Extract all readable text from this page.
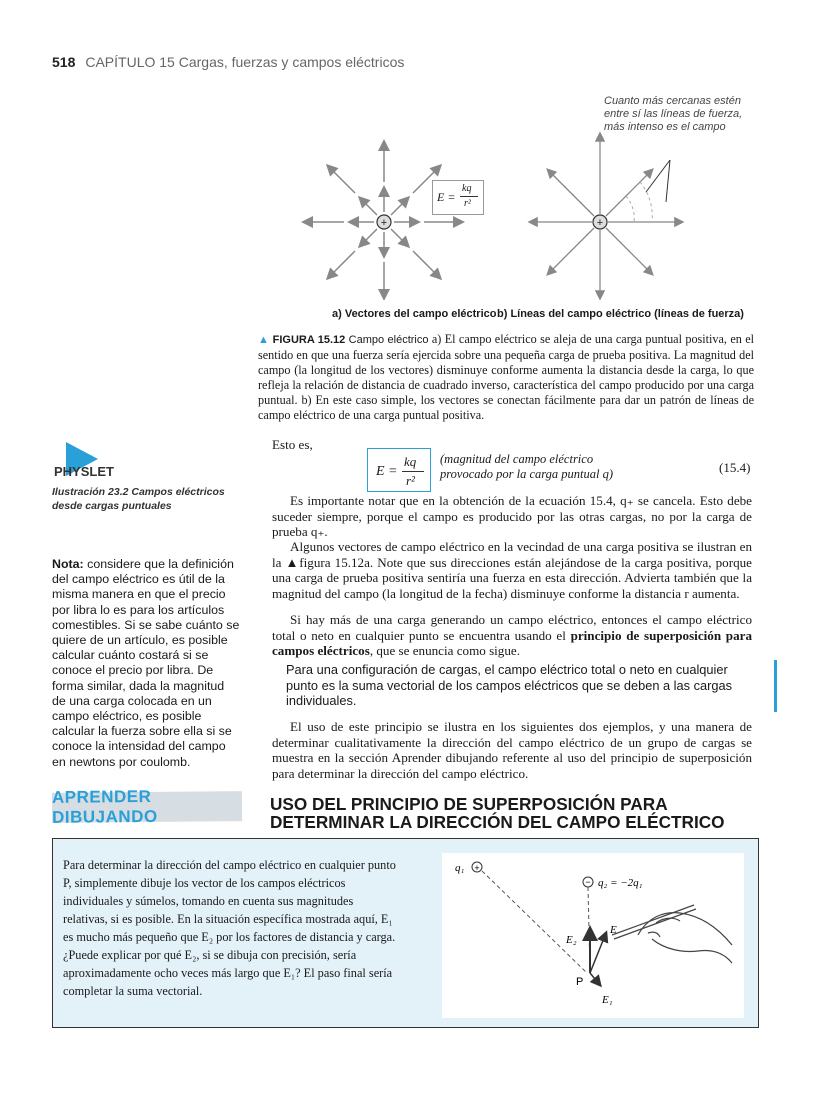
518 CAPÍTULO 15 Cargas, fuerzas y campos eléctricos
+	+
E =
kq
r²
Cuanto más cercanas estén entre sí las líneas de fuerza, más intenso es el campo
a) Vectores del campo eléctrico b) Líneas del campo eléctrico (líneas de fuerza)
▲ FIGURA 15.12 Campo eléctrico a) El campo eléctrico se aleja de una carga puntual positiva, en el sentido en que una fuerza sería ejercida sobre una pequeña carga de prueba positiva. La magnitud del campo (la longitud de los vectores) disminuye conforme aumenta la distancia desde la carga, lo que refleja la relación de distancia de cuadrado inverso, característica del campo producido por una carga puntual. b) En este caso simple, los vectores se conectan fácilmente para dar un patrón de líneas de campo eléctrico de una carga puntual positiva.
PHYSLET
Ilustración 23.2 Campos eléctricos desde cargas puntuales
Nota: considere que la definición del campo eléctrico es útil de la misma manera en que el precio por libra lo es para los artículos comestibles. Si se sabe cuánto se quiere de un artículo, es posible calcular cuánto costará si se conoce el precio por libra. De forma similar, dada la magnitud de una carga colocada en un campo eléctrico, es posible calcular la fuerza sobre ella si se conoce la intensidad del campo en newtons por coulomb.
Esto es,
E =
kq
r²
(magnitud del campo eléctrico
provocado por la carga puntual q)	(15.4)
Es importante notar que en la obtención de la ecuación 15.4, q₊ se cancela. Esto debe suceder siempre, porque el campo es producido por las otras cargas, no por la carga de prueba q₊.
Algunos vectores de campo eléctrico en la vecindad de una carga positiva se ilustran en la ▲figura 15.12a. Note que sus direcciones están alejándose de la carga positiva, porque una carga de prueba positiva sentiría una fuerza en esta dirección. Advierta también que la magnitud del campo (la longitud de la fecha) disminuye conforme la distancia r aumenta.
Si hay más de una carga generando un campo eléctrico, entonces el campo eléctrico total o neto en cualquier punto se encuentra usando el principio de superposición para campos eléctricos, que se enuncia como sigue.
Para una configuración de cargas, el campo eléctrico total o neto en cualquier punto es la suma vectorial de los campos eléctricos que se deben a las cargas individuales.
El uso de este principio se ilustra en los siguientes dos ejemplos, y una manera de determinar cualitativamente la dirección del campo eléctrico de un grupo de cargas se muestra en la sección Aprender dibujando referente al uso del principio de superposición para determinar la dirección del campo eléctrico.
APRENDER DIBUJANDO
USO DEL PRINCIPIO DE SUPERPOSICIÓN PARA DETERMINAR LA DIRECCIÓN DEL CAMPO ELÉCTRICO
Para determinar la dirección del campo eléctrico en cualquier punto P, simplemente dibuje los vector de los campos eléctricos individuales y súmelos, tomando en cuenta sus magnitudes relativas, si es posible. En la situación específica mostrada aquí, E₁ es mucho más pequeño que E₂ por los factores de distancia y carga. ¿Puede explicar por qué E₂, si se dibuja con precisión, sería aproximadamente ocho veces más largo que E₁? El paso final sería completar la suma vectorial.
+
q₁
− q₂ = −2q₁
E₂
E
E₁
P
